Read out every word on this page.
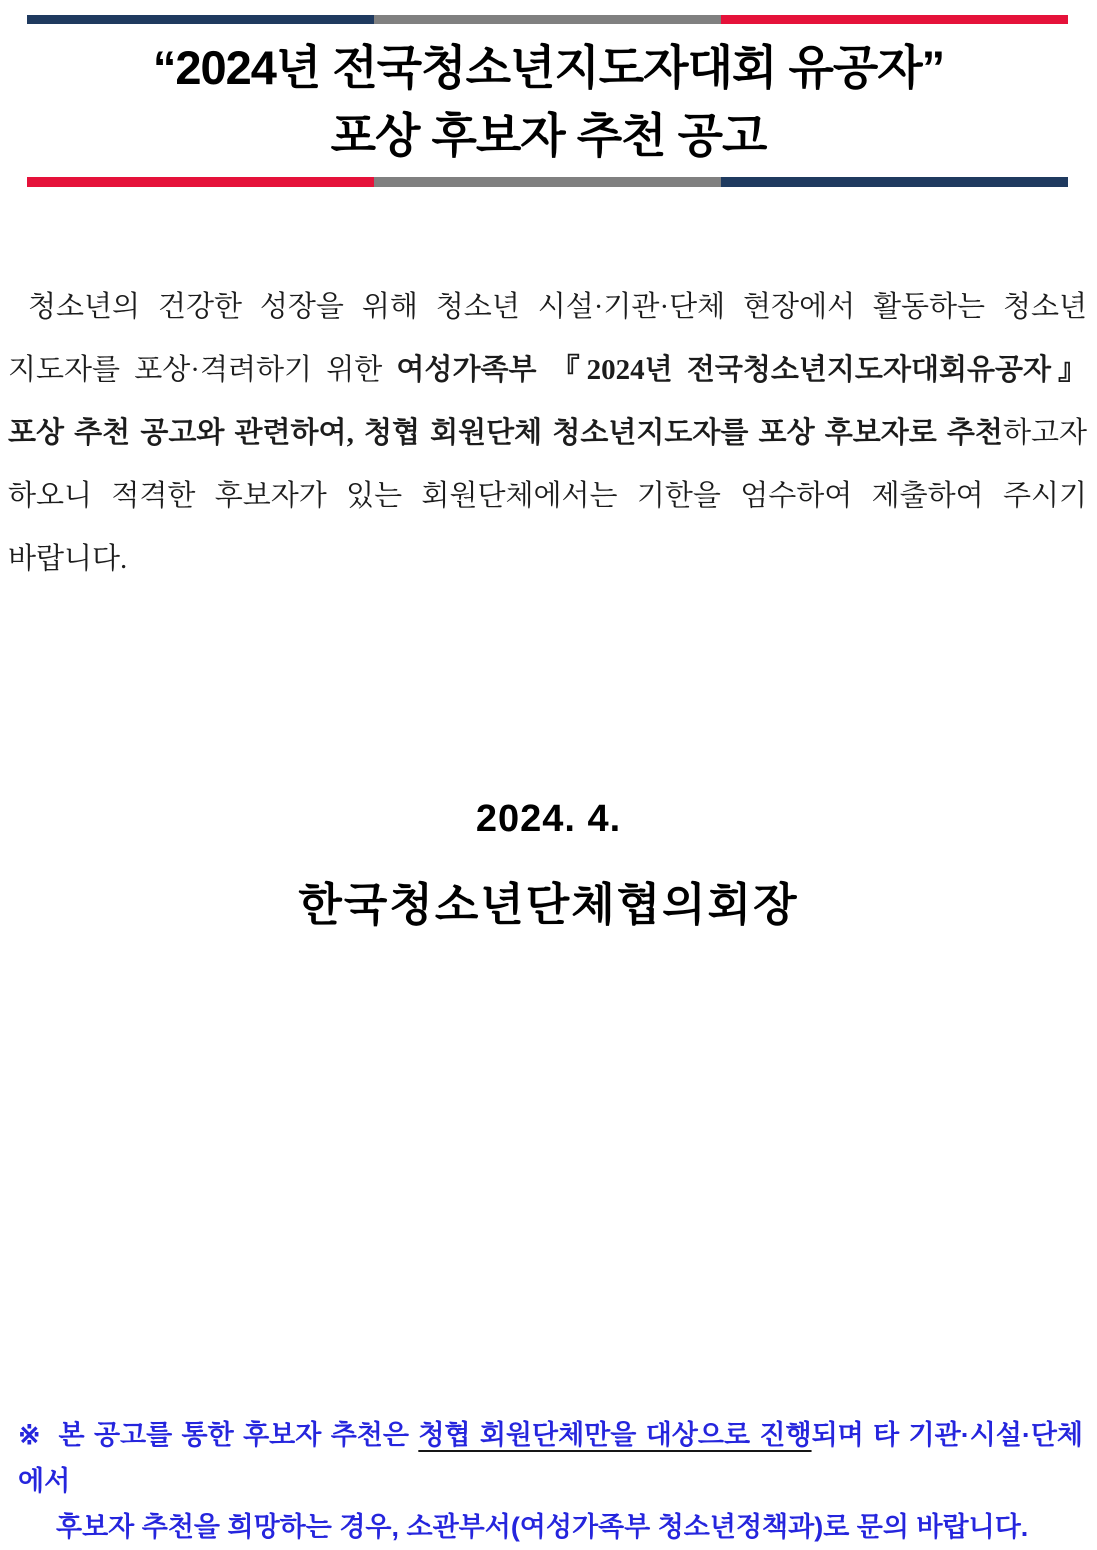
“2024년 전국청소년지도자대회 유공자”
포상 후보자 추천 공고
청소년의 건강한 성장을 위해 청소년 시설·기관·단체 현장에서 활동하는 청소년
지도자를 포상·격려하기 위한 여성가족부 『2024년 전국청소년지도자대회유공자』
포상 추천 공고와 관련하여, 청협 회원단체 청소년지도자를 포상 후보자로 추천하고자
하오니 적격한 후보자가 있는 회원단체에서는 기한을 엄수하여 제출하여 주시기
바랍니다.
2024. 4.
한국청소년단체협의회장
※ 본 공고를 통한 후보자 추천은 청협 회원단체만을 대상으로 진행되며 타 기관·시설·단체에서
후보자 추천을 희망하는 경우, 소관부서(여성가족부 청소년정책과)로 문의 바랍니다.
